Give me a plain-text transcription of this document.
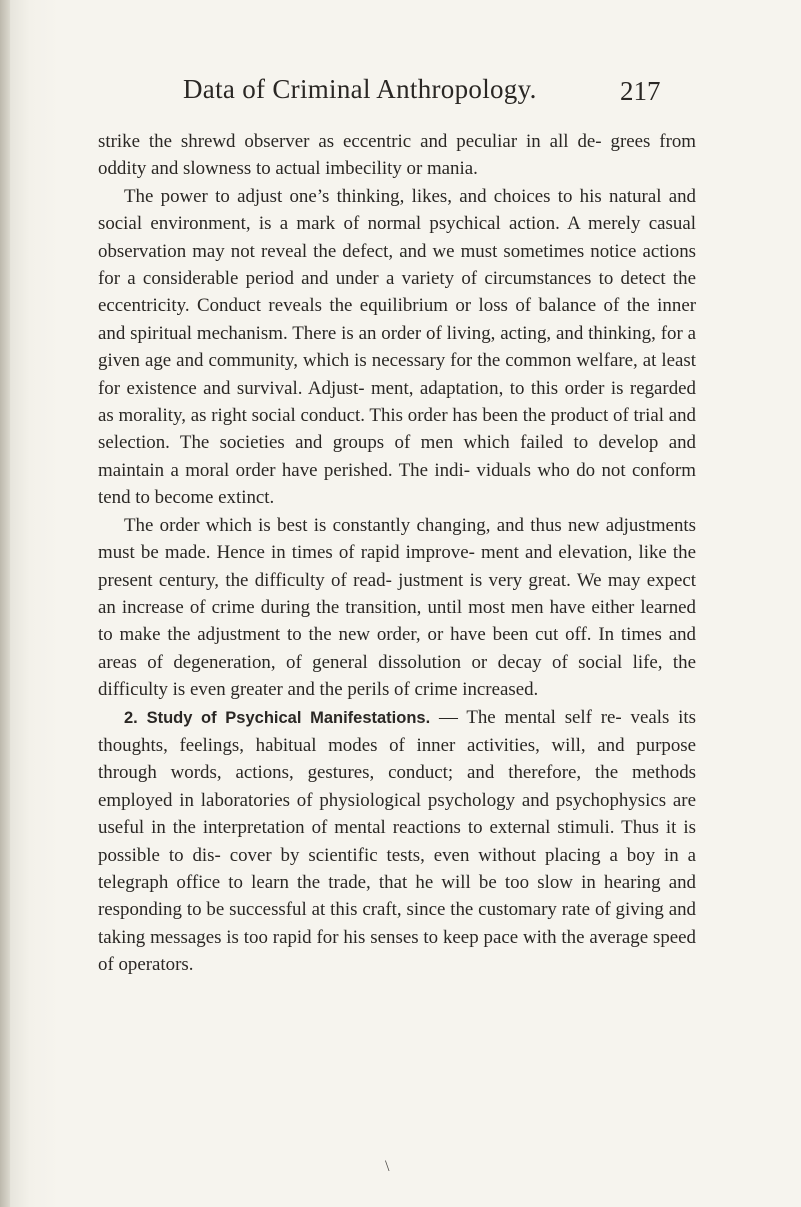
Data of Criminal Anthropology.	217

strike the shrewd observer as eccentric and peculiar in all de- grees from oddity and slowness to actual imbecility or mania.

The power to adjust one’s thinking, likes, and choices to his natural and social environment, is a mark of normal psychical action. A merely casual observation may not reveal the defect, and we must sometimes notice actions for a considerable period and under a variety of circumstances to detect the eccentricity. Conduct reveals the equilibrium or loss of balance of the inner and spiritual mechanism. There is an order of living, acting, and thinking, for a given age and community, which is necessary for the common welfare, at least for existence and survival. Adjust- ment, adaptation, to this order is regarded as morality, as right social conduct. This order has been the product of trial and selection. The societies and groups of men which failed to develop and maintain a moral order have perished. The indi- viduals who do not conform tend to become extinct.

The order which is best is constantly changing, and thus new adjustments must be made. Hence in times of rapid improve- ment and elevation, like the present century, the difficulty of read- justment is very great. We may expect an increase of crime during the transition, until most men have either learned to make the adjustment to the new order, or have been cut off. In times and areas of degeneration, of general dissolution or decay of social life, the difficulty is even greater and the perils of crime increased.

2. Study of Psychical Manifestations. — The mental self re- veals its thoughts, feelings, habitual modes of inner activities, will, and purpose through words, actions, gestures, conduct; and therefore, the methods employed in laboratories of physiological psychology and psychophysics are useful in the interpretation of mental reactions to external stimuli. Thus it is possible to dis- cover by scientific tests, even without placing a boy in a telegraph office to learn the trade, that he will be too slow in hearing and responding to be successful at this craft, since the customary rate of giving and taking messages is too rapid for his senses to keep pace with the average speed of operators.

\
